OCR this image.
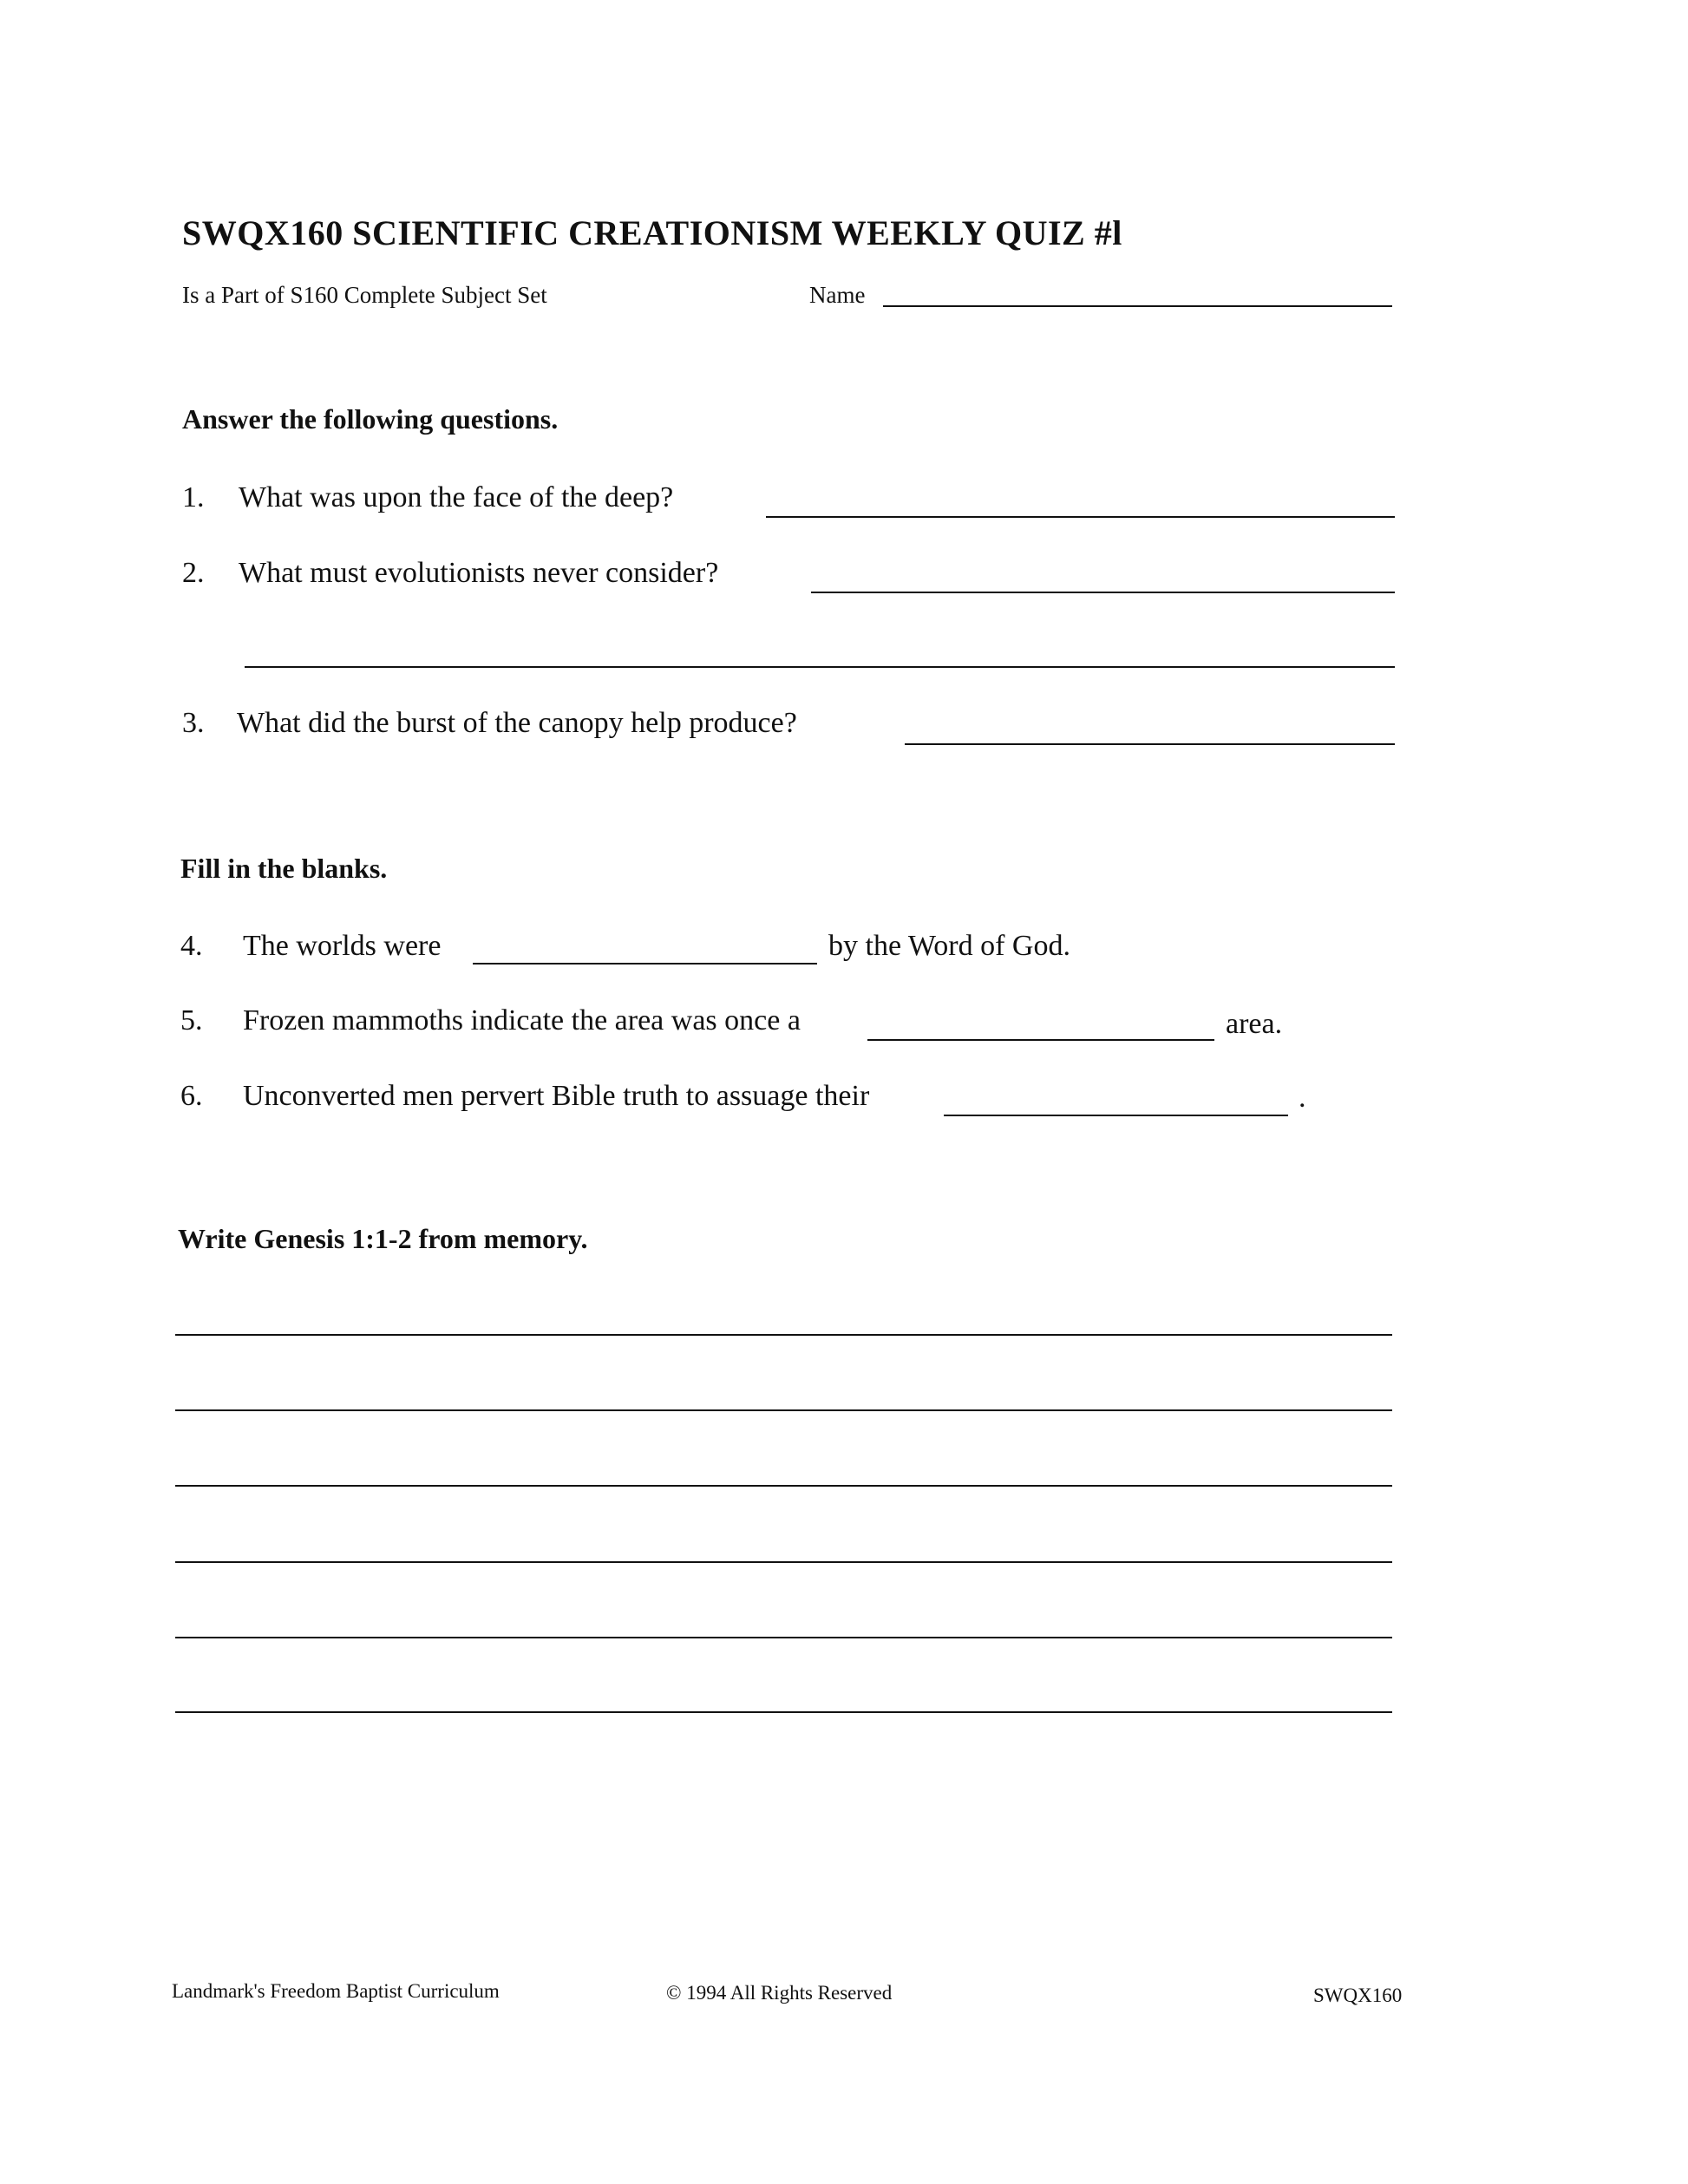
SWQX160 SCIENTIFIC CREATIONISM WEEKLY QUIZ #l
Is a Part of S160 Complete Subject Set	Name
Answer the following questions.
1. What was upon the face of the deep?
2. What must evolutionists never consider?
3. What did the burst of the canopy help produce?
Fill in the blanks.
4. The worlds were	by the Word of God.
5. Frozen mammoths indicate the area was once a	area.
6. Unconverted men pervert Bible truth to assuage their	.
Write Genesis 1:1-2 from memory.
Landmark's Freedom Baptist Curriculum	© 1994 All Rights Reserved	SWQX160
